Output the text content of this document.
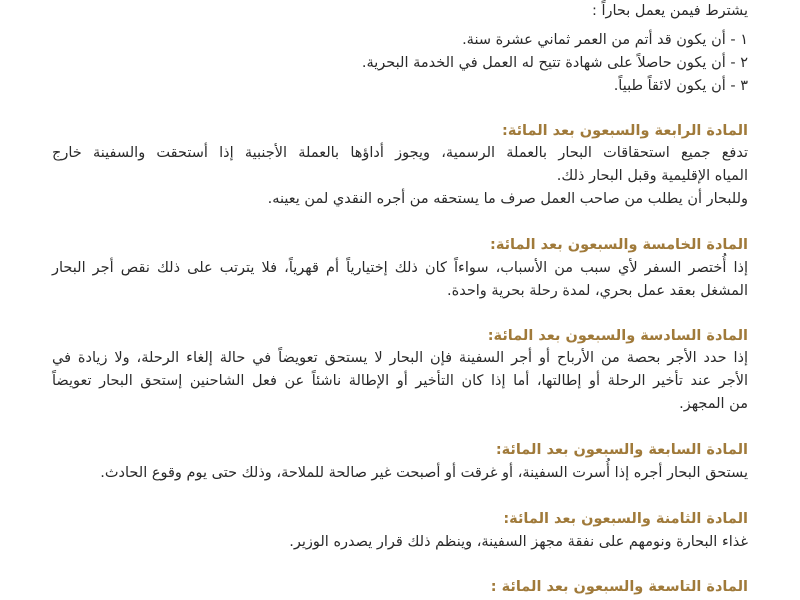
يشترط فيمن يعمل بحاراً :
١ - أن يكون قد أتم من العمر ثماني عشرة سنة.
٢ - أن يكون حاصلاً على شهادة تتيح له العمل في الخدمة البحرية.
٣ - أن يكون لائقاً طبياً.
المادة الرابعة والسبعون بعد المائة:
تدفع جميع استحقاقات البحار بالعملة الرسمية، ويجوز أداؤها بالعملة الأجنبية إذا أستحقت والسفينة خارج
المياه الإقليمية وقبل البحار ذلك.
وللبحار أن يطلب من صاحب العمل صرف ما يستحقه من أجره النقدي لمن يعينه.
المادة الخامسة والسبعون بعد المائة:
إذا أُختصر السفر لأي سبب من الأسباب، سواءاً كان ذلك إختيارياً أم قهرياً، فلا يترتب على ذلك نقص أجر البحار
المشغل بعقد عمل بحري، لمدة رحلة بحرية واحدة.
المادة السادسة والسبعون بعد المائة:
إذا حدد الأجر بحصة من الأرباح أو أجر السفينة فإن البحار لا يستحق تعويضاً في حالة إلغاء الرحلة، ولا زيادة في
الأجر عند تأخير الرحلة أو إطالتها، أما إذا كان التأخير أو الإطالة ناشئاً عن فعل الشاحنين إستحق البحار تعويضاً
من المجهز.
المادة السابعة والسبعون بعد المائة:
يستحق البحار أجره إذا أُسرت السفينة، أو غرقت أو أصبحت غير صالحة للملاحة، وذلك حتى يوم وقوع الحادث.
المادة الثامنة والسبعون بعد المائة:
غذاء البحارة ونومهم على نفقة مجهز السفينة، وينظم ذلك قرار يصدره الوزير.
المادة التاسعة والسبعون بعد المائة :
